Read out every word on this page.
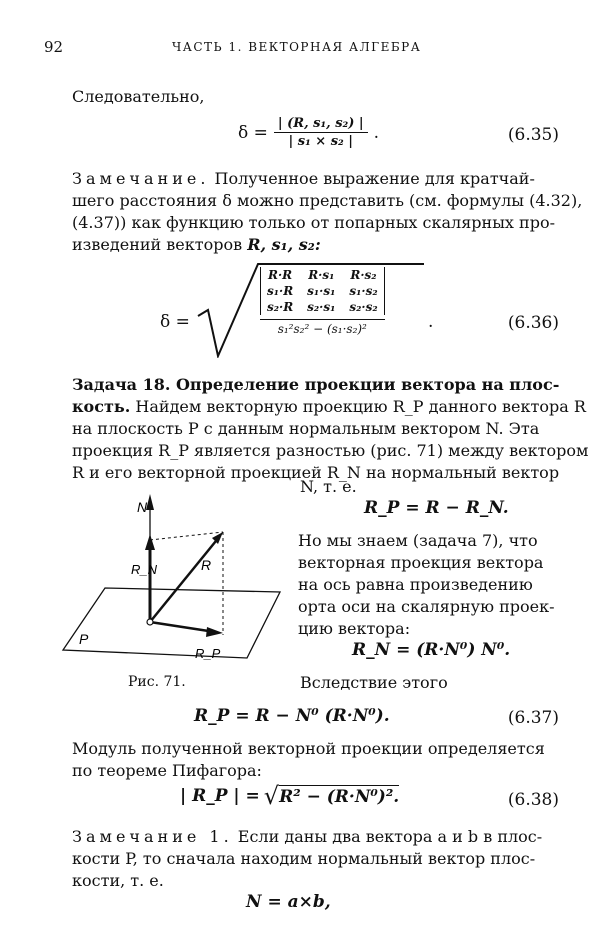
92	ЧАСТЬ 1. ВЕКТОРНАЯ АЛГЕБРА
Следовательно,
$\delta = \frac{\text{| (R, s₁, s₂) |}}{\text{| s₁ × s₂ |}}$ .	(6.35)
Замечание. Полученное выражение для кратчай-
шего расстояния δ можно представить (см. формулы (4.32),
(4.37)) как функцию только от попарных скалярных про-
изведений векторов R, s₁, s₂:
δ =
R·R R·s₁ R·s₂
s₁·R s₁·s₁ s₁·s₂
s₂·R s₂·s₁ s₂·s₂
s₁²s₂² − (s₁·s₂)²	.	(6.36)
Задача 18. Определение проекции вектора на плос-
кость. Найдем векторную проекцию R_P данного вектора R
на плоскость P с данным нормальным вектором N. Эта
проекция R_P является разностью (рис. 71) между вектором
R и его векторной проекцией R_N на нормальный вектор
N, т. е.
R_P = R − R_N.
N
R_N	R
R_P
P
Рис. 71.
Но мы знаем (задача 7), что
векторная проекция вектора
на ось равна произведению
орта оси на скалярную проек-
цию вектора:
R_N = (R·N⁰) N⁰.
Вследствие этого
R_P = R − N⁰ (R·N⁰).	(6.37)
Модуль полученной векторной проекции определяется
по теореме Пифагора:
| R_P | = √ R² − (R·N⁰)².	(6.38)
Замечание 1. Если даны два вектора a и b в плос-
кости P, то сначала находим нормальный вектор плос-
кости, т. е.
N = a×b,
